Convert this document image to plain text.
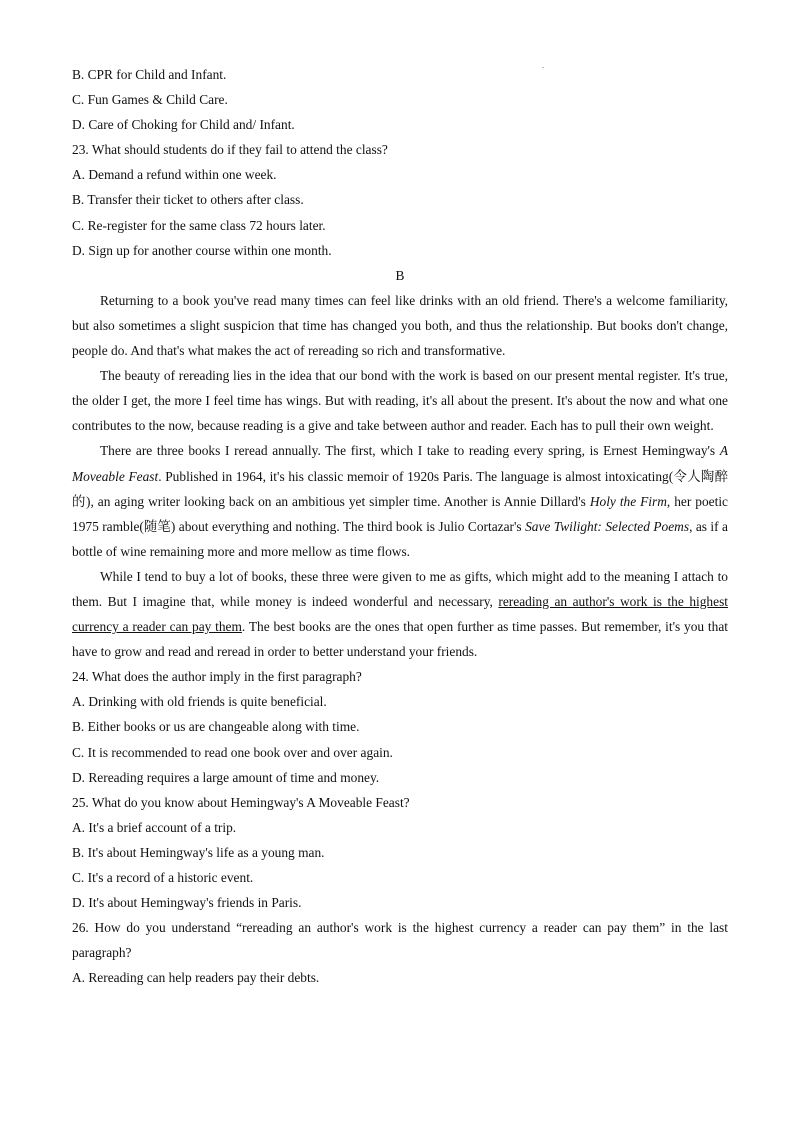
B. CPR for Child and Infant.

C. Fun Games & Child Care.

D. Care of Choking for Child and/ Infant.

23. What should students do if they fail to attend the class?

A. Demand a refund within one week.

B. Transfer their ticket to others after class.

C. Re-register for the same class 72 hours later.

D. Sign up for another course within one month.

B

Returning to a book you've read many times can feel like drinks with an old friend. There's a welcome familiarity, but also sometimes a slight suspicion that time has changed you both, and thus the relationship. But books don't change, people do. And that's what makes the act of rereading so rich and transformative.

The beauty of rereading lies in the idea that our bond with the work is based on our present mental register. It's true, the older I get, the more I feel time has wings. But with reading, it's all about the present. It's about the now and what one contributes to the now, because reading is a give and take between author and reader. Each has to pull their own weight.

There are three books I reread annually. The first, which I take to reading every spring, is Ernest Hemingway's A Moveable Feast. Published in 1964, it's his classic memoir of 1920s Paris. The language is almost intoxicating(令人陶醉的), an aging writer looking back on an ambitious yet simpler time. Another is Annie Dillard's Holy the Firm, her poetic 1975 ramble(随笔) about everything and nothing. The third book is Julio Cortazar's Save Twilight: Selected Poems, as if a bottle of wine remaining more and more mellow as time flows.

While I tend to buy a lot of books, these three were given to me as gifts, which might add to the meaning I attach to them. But I imagine that, while money is indeed wonderful and necessary, rereading an author's work is the highest currency a reader can pay them. The best books are the ones that open further as time passes. But remember, it's you that have to grow and read and reread in order to better understand your friends.

24. What does the author imply in the first paragraph?

A. Drinking with old friends is quite beneficial.

B. Either books or us are changeable along with time.

C. It is recommended to read one book over and over again.

D. Rereading requires a large amount of time and money.

25. What do you know about Hemingway's A Moveable Feast?

A. It's a brief account of a trip.

B. It's about Hemingway's life as a young man.

C. It's a record of a historic event.

D. It's about Hemingway's friends in Paris.

26. How do you understand “rereading an author's work is the highest currency a reader can pay them” in the last paragraph?

A. Rereading can help readers pay their debts.
